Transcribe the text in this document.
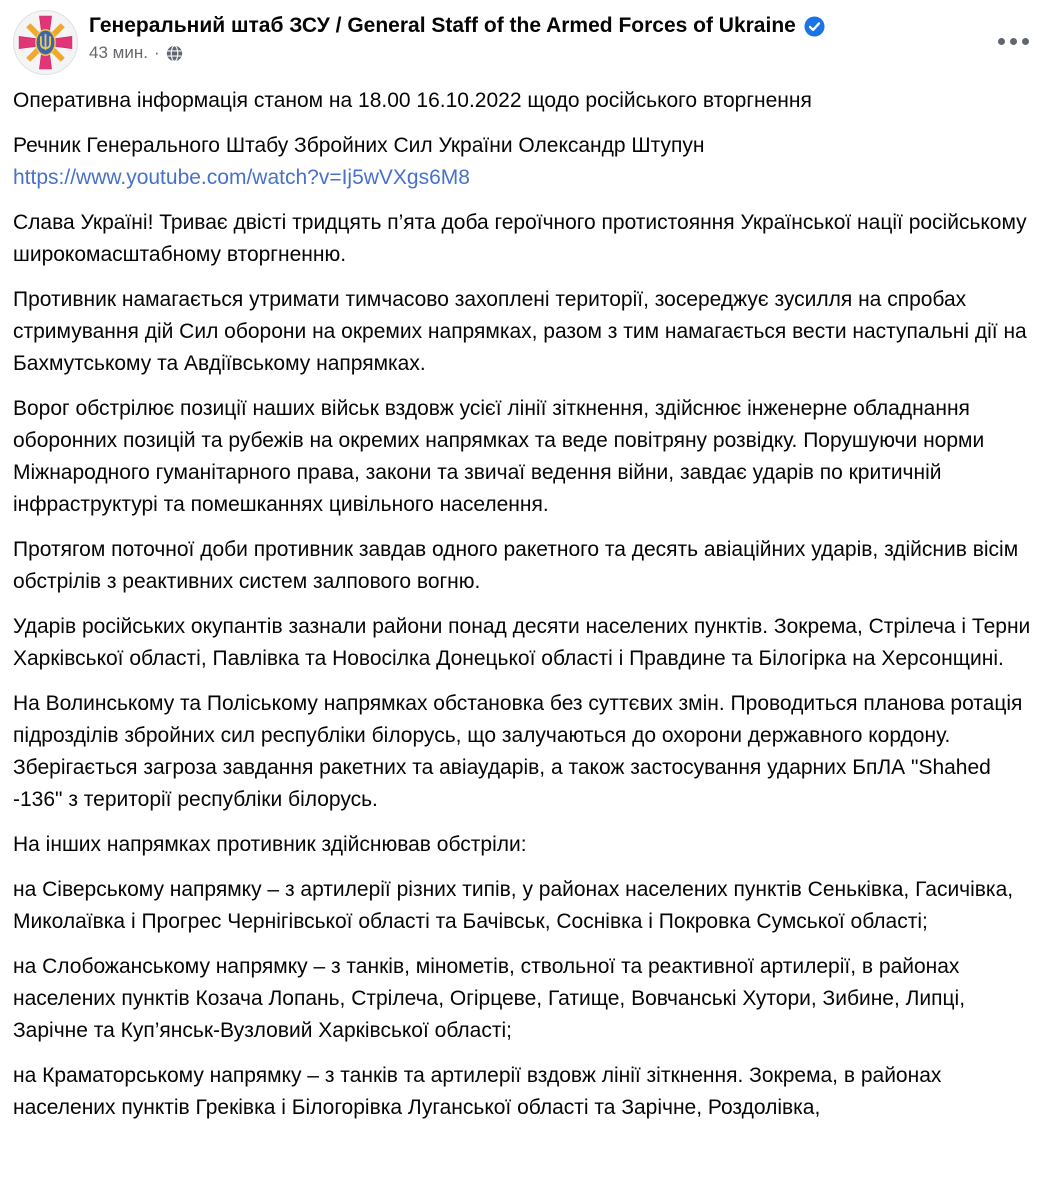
Генеральний штаб ЗСУ / General Staff of the Armed Forces of Ukraine
43 мин. ·
Оперативна інформація станом на 18.00 16.10.2022 щодо російського вторгнення
Речник Генерального Штабу Збройних Сил України Олександр Штупун
https://www.youtube.com/watch?v=Ij5wVXgs6M8
Слава Україні! Триває двісті тридцять п’ята доба героїчного протистояння Української нації російському широкомасштабному вторгненню.
Противник намагається утримати тимчасово захоплені території, зосереджує зусилля на спробах стримування дій Сил оборони на окремих напрямках, разом з тим намагається вести наступальні дії на Бахмутському та Авдіївському напрямках.
Ворог обстрілює позиції наших військ вздовж усієї лінії зіткнення, здійснює інженерне обладнання оборонних позицій та рубежів на окремих напрямках та веде повітряну розвідку. Порушуючи норми Міжнародного гуманітарного права, закони та звичаї ведення війни, завдає ударів по критичній інфраструктурі та помешканнях цивільного населення.
Протягом поточної доби противник завдав одного ракетного та десять авіаційних ударів, здійснив вісім обстрілів з реактивних систем залпового вогню.
Ударів російських окупантів зазнали райони понад десяти населених пунктів. Зокрема, Стрілеча і Терни Харківської області, Павлівка та Новосілка Донецької області і Правдине та Білогірка на Херсонщині.
На Волинському та Поліському напрямках обстановка без суттєвих змін. Проводиться планова ротація підрозділів збройних сил республіки білорусь, що залучаються до охорони державного кордону. Зберігається загроза завдання ракетних та авіаударів, а також застосування ударних БпЛА "Shahed -136" з території республіки білорусь.
На інших напрямках противник здійснював обстріли:
на Сіверському напрямку – з артилерії різних типів, у районах населених пунктів Сеньківка, Гасичівка, Миколаївка і Прогрес Чернігівської області та Бачівськ, Соснівка і Покровка Сумської області;
на Слобожанському напрямку – з танків, мінометів, ствольної та реактивної артилерії, в районах населених пунктів Козача Лопань, Стрілеча, Огірцеве, Гатище, Вовчанські Хутори, Зибине, Липці, Зарічне та Куп’янськ-Вузловий Харківської області;
на Краматорському напрямку – з танків та артилерії вздовж лінії зіткнення. Зокрема, в районах населених пунктів Греківка і Білогорівка Луганської області та Зарічне, Роздолівка,
